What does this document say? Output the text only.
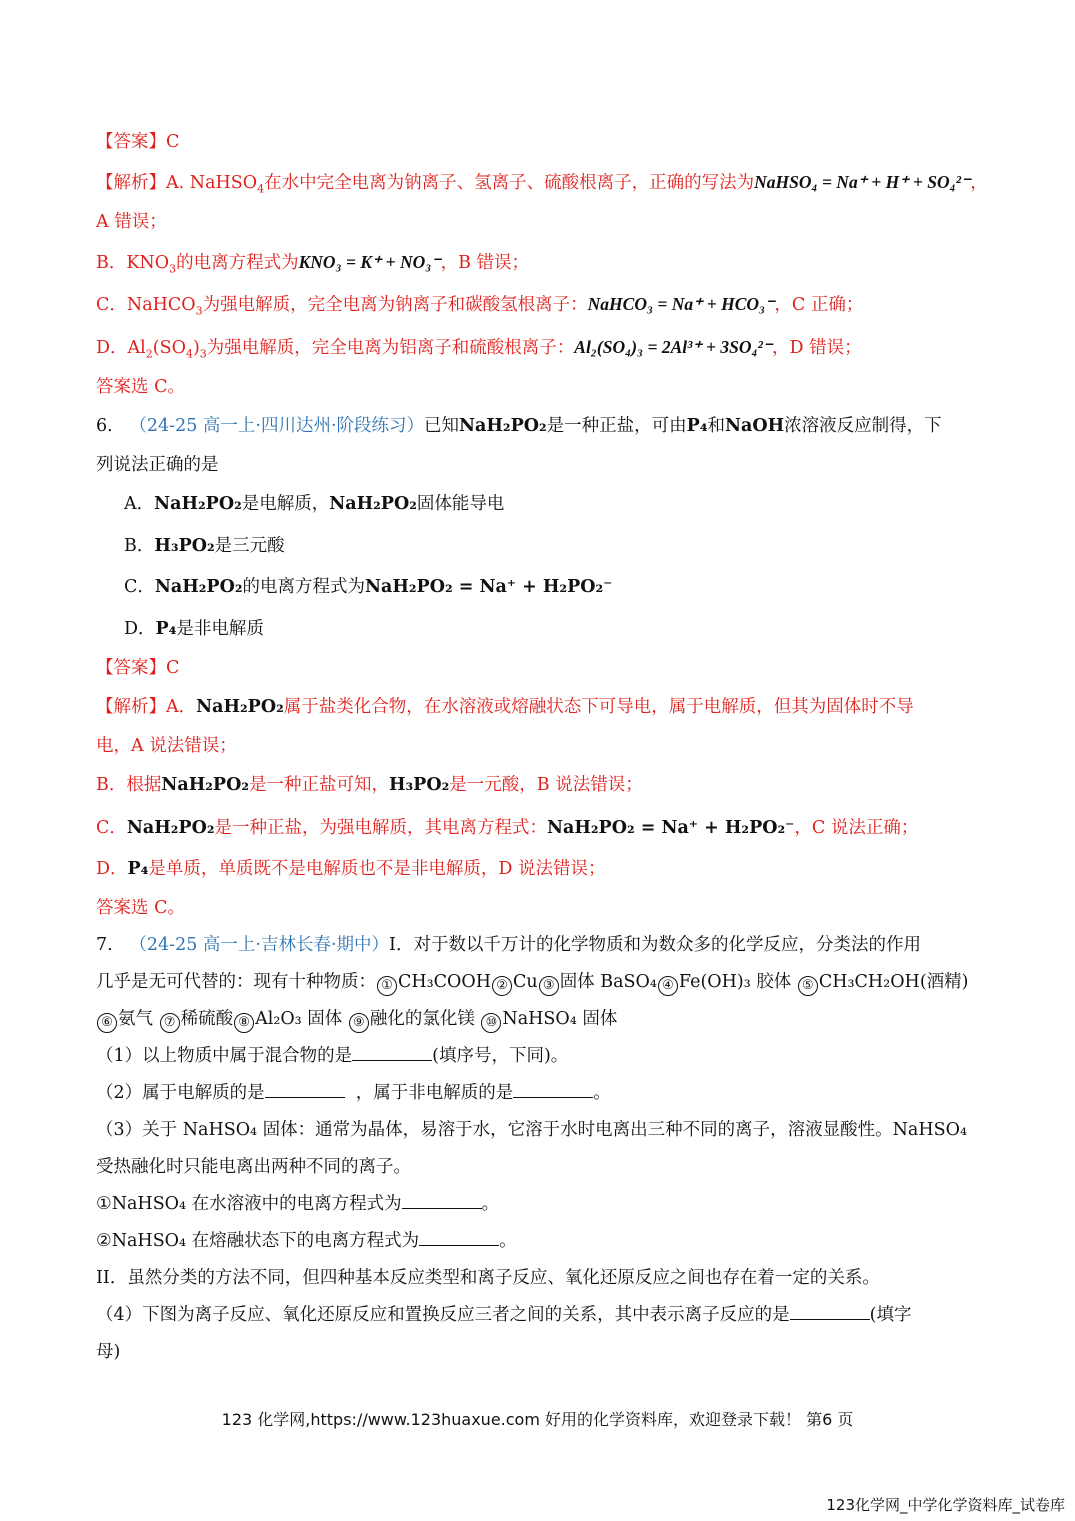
【答案】C
【解析】A. NaHSO$_4$在水中完全电离为钠离子、氢离子、硫酸根离子，正确的写法为NaHSO₄ = Na⁺ + H⁺ + SO₄²⁻，
A 错误；
B．$KNO_3$的电离方程式为KNO₃ = K⁺ + NO₃⁻，B 错误；
C．NaHCO$_3$为强电解质，完全电离为钠离子和碳酸氢根离子：NaHCO₃ = Na⁺ + HCO₃⁻，C 正确；
D．$Al_2(SO_4)_3$为强电解质，完全电离为铝离子和硫酸根离子：Al₂(SO₄)₃ = 2Al³⁺ + 3SO₄²⁻，D 错误；
答案选 C。
6. （24-25 高一上·四川达州·阶段练习）已知NaH₂PO₂是一种正盐，可由P₄和NaOH浓溶液反应制得，下
列说法正确的是
A．NaH₂PO₂是电解质，NaH₂PO₂固体能导电
B．H₃PO₂是三元酸
C．NaH₂PO₂的电离方程式为NaH₂PO₂ = Na⁺ + H₂PO₂⁻
D．P₄是非电解质
【答案】C
【解析】A．NaH₂PO₂属于盐类化合物，在水溶液或熔融状态下可导电，属于电解质，但其为固体时不导
电，A 说法错误；
B．根据NaH₂PO₂是一种正盐可知，H₃PO₂是一元酸，B 说法错误；
C．NaH₂PO₂是一种正盐，为强电解质，其电离方程式：NaH₂PO₂ = Na⁺ + H₂PO₂⁻，C 说法正确；
D．P₄是单质，单质既不是电解质也不是非电解质，D 说法错误；
答案选 C。
7. （24-25 高一上·吉林长春·期中）I．对于数以千万计的化学物质和为数众多的化学反应，分类法的作用
几乎是无可代替的：现有十种物质： ① CH₃COOH ② Cu ③ 固体 BaSO₄ ④ Fe(OH)₃ 胶体 ⑤ CH₃CH₂OH(酒精)
⑥ 氨气 ⑦ 稀硫酸 ⑧ Al₂O₃ 固体 ⑨ 融化的氯化镁 ⑩ NaHSO₄ 固体
（1）以上物质中属于混合物的是	(填序号，下同)。
（2）属于电解质的是	，属于非电解质的是	。
（3）关于 NaHSO₄ 固体：通常为晶体，易溶于水，它溶于水时电离出三种不同的离子，溶液显酸性。NaHSO₄
受热融化时只能电离出两种不同的离子。
①NaHSO₄ 在水溶液中的电离方程式为	。
②NaHSO₄ 在熔融状态下的电离方程式为	。
II．虽然分类的方法不同，但四种基本反应类型和离子反应、氧化还原反应之间也存在着一定的关系。
（4）下图为离子反应、氧化还原反应和置换反应三者之间的关系，其中表示离子反应的是	(填字
母)
123 化学网,https://www.123huaxue.com 好用的化学资料库，欢迎登录下载！ 第6 页
123化学网_中学化学资料库_试卷库
